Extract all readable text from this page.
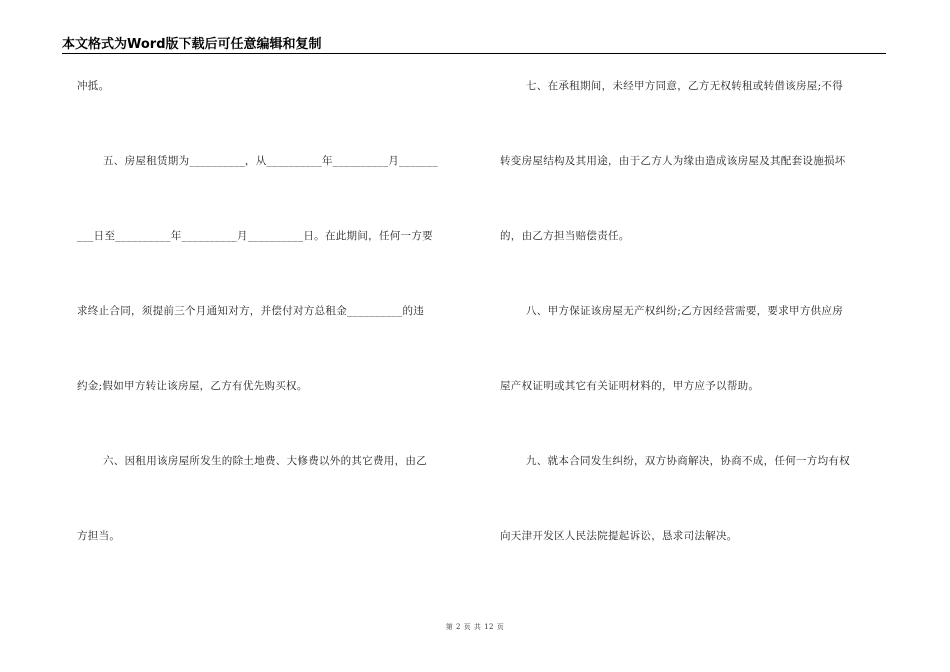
本文格式为Word版下载后可任意编辑和复制
冲抵。
五、房屋租赁期为__________，从__________年__________月_______
___日至__________年__________月__________日。在此期间，任何一方要
求终止合同，须提前三个月通知对方，并偿付对方总租金__________的违
约金;假如甲方转让该房屋，乙方有优先购买权。
六、因租用该房屋所发生的除土地费、大修费以外的其它费用，由乙
方担当。
七、在承租期间，未经甲方同意，乙方无权转租或转借该房屋;不得
转变房屋结构及其用途，由于乙方人为缘由造成该房屋及其配套设施损坏
的，由乙方担当赔偿责任。
八、甲方保证该房屋无产权纠纷;乙方因经营需要，要求甲方供应房
屋产权证明或其它有关证明材料的，甲方应予以帮助。
九、就本合同发生纠纷，双方协商解决，协商不成，任何一方均有权
向天津开发区人民法院提起诉讼，恳求司法解决。
第 2 页 共 12 页
